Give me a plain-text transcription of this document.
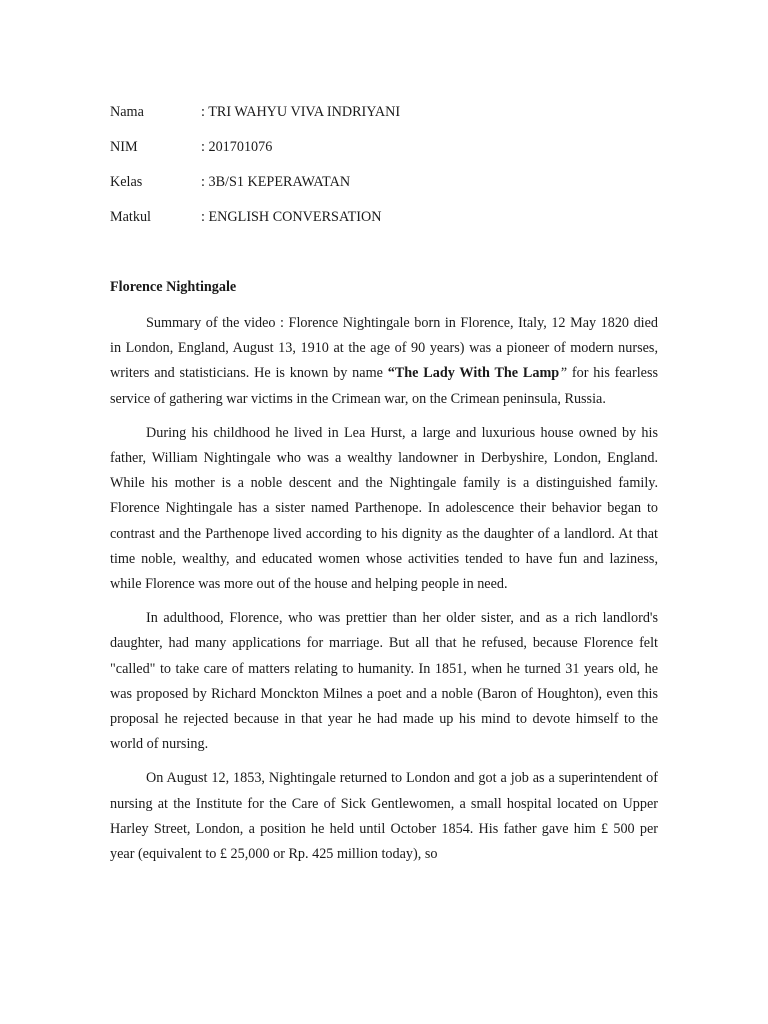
Nama	: TRI WAHYU VIVA INDRIYANI
NIM	: 201701076
Kelas	: 3B/S1 KEPERAWATAN
Matkul	: ENGLISH CONVERSATION
Florence Nightingale

Summary of the video : Florence Nightingale born in Florence, Italy, 12 May 1820 died in London, England, August 13, 1910 at the age of 90 years) was a pioneer of modern nurses, writers and statisticians. He is known by name “The Lady With The Lamp” for his fearless service of gathering war victims in the Crimean war, on the Crimean peninsula, Russia.

During his childhood he lived in Lea Hurst, a large and luxurious house owned by his father, William Nightingale who was a wealthy landowner in Derbyshire, London, England. While his mother is a noble descent and the Nightingale family is a distinguished family. Florence Nightingale has a sister named Parthenope. In adolescence their behavior began to contrast and the Parthenope lived according to his dignity as the daughter of a landlord. At that time noble, wealthy, and educated women whose activities tended to have fun and laziness, while Florence was more out of the house and helping people in need.

In adulthood, Florence, who was prettier than her older sister, and as a rich landlord's daughter, had many applications for marriage. But all that he refused, because Florence felt "called" to take care of matters relating to humanity. In 1851, when he turned 31 years old, he was proposed by Richard Monckton Milnes a poet and a noble (Baron of Houghton), even this proposal he rejected because in that year he had made up his mind to devote himself to the world of nursing.

On August 12, 1853, Nightingale returned to London and got a job as a superintendent of nursing at the Institute for the Care of Sick Gentlewomen, a small hospital located on Upper Harley Street, London, a position he held until October 1854. His father gave him £ 500 per year (equivalent to £ 25,000 or Rp. 425 million today), so
